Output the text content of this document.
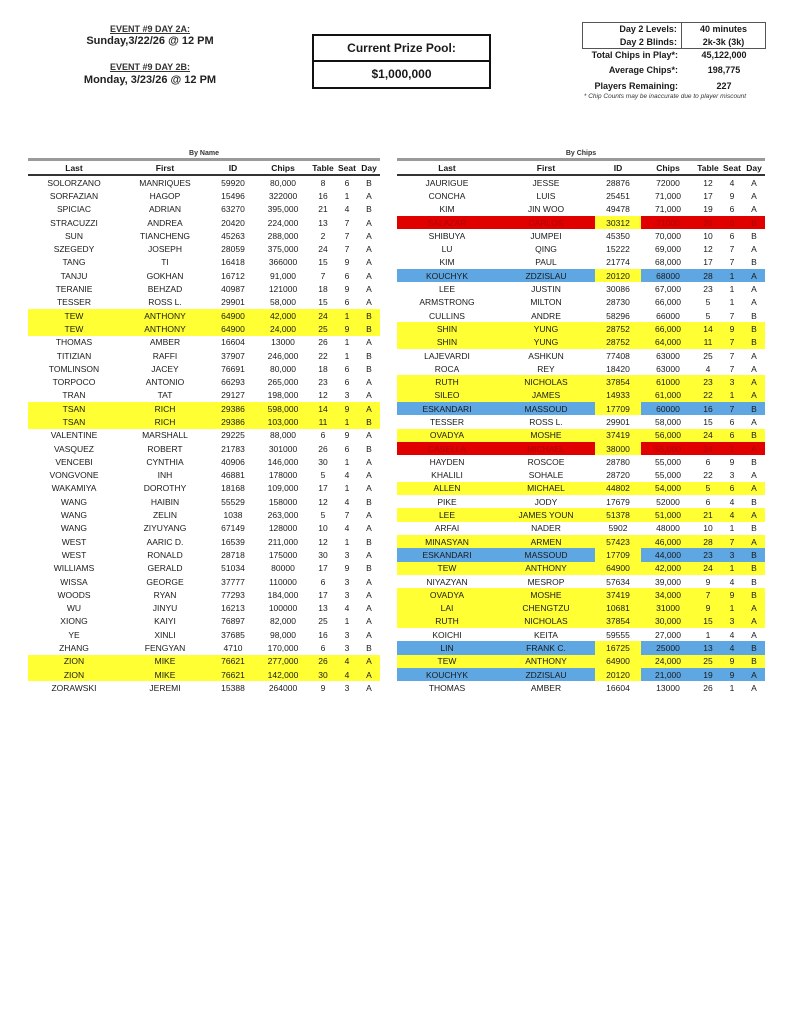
EVENT #9 DAY 2A:
Sunday,3/22/26 @ 12 PM
EVENT #9 DAY 2B:
Monday, 3/23/26 @ 12 PM
Current Prize Pool:
$1,000,000
Day 2 Levels:	40 minutes
Day 2 Blinds:	2k-3k (3k)
Total Chips in Play*:	45,122,000
Average Chips*:	198,775
Players Remaining:	227
* Chip Counts may be inaccurate due to player miscount
By Name
Last	First	ID	Chips	Table Seat Day
SOLORZANO	MANRIQUES	59920	80,000	8	6	B
SORFAZIAN	HAGOP	15496	322000	16	1	A
SPICIAC	ADRIAN	63270	395,000	21	4	B
STRACUZZI	ANDREA	20420	224,000	13	7	A
SUN	TIANCHENG	45263	288,000	2	7	A
SZEGEDY	JOSEPH	28059	375,000	24	7	A
TANG	TI	16418	366000	15	9	A
TANJU	GOKHAN	16712	91,000	7	6	A
TERANIE	BEHZAD	40987	121000	18	9	A
TESSER	ROSS L.	29901	58,000	15	6	A
TEW	ANTHONY	64900	42,000	24	1	B
TEW	ANTHONY	64900	24,000	25	9	B
THOMAS	AMBER	16604	13000	26	1	A
TITIZIAN	RAFFI	37907	246,000	22	1	B
TOMLINSON	JACEY	76691	80,000	18	6	B
TORPOCO	ANTONIO	66293	265,000	23	6	A
TRAN	TAT	29127	198,000	12	3	A
TSAN	RICH	29386	598,000	14	9	A
TSAN	RICH	29386	103,000	11	1	B
VALENTINE	MARSHALL	29225	88,000	6	9	A
VASQUEZ	ROBERT	21783	301000	26	6	B
VENCEBI	CYNTHIA	40906	146,000	30	1	A
VONGVONE	INH	46881	178000	5	4	A
WAKAMIYA	DOROTHY	18168	109,000	17	1	A
WANG	HAIBIN	55529	158000	12	4	B
WANG	ZELIN	1038	263,000	5	7	A
WANG	ZIYUYANG	67149	128000	10	4	A
WEST	AARIC D.	16539	211,000	12	1	B
WEST	RONALD	28718	175000	30	3	A
WILLIAMS	GERALD	51034	80000	17	9	B
WISSA	GEORGE	37777	110000	6	3	A
WOODS	RYAN	77293	184,000	17	3	A
WU	JINYU	16213	100000	13	4	A
XIONG	KAIYI	76897	82,000	25	1	A
YE	XINLI	37685	98,000	16	3	A
ZHANG	FENGYAN	4710	170,000	6	3	B
ZION	MIKE	76621	277,000	26	4	A
ZION	MIKE	76621	142,000	30	4	A
ZORAWSKI	JEREMI	15388	264000	9	3	A
By Chips
Last	First	ID	Chips	Table Seat Day
JAURIGUE	JESSE	28876	72000	12	4	A
CONCHA	LUIS	25451	71,000	17	9	A
KIM	JIN WOO	49478	71,000	19	6	A
SALAZAR	CARLOS	30312	71000	28	6	B
SHIBUYA	JUMPEI	45350	70,000	10	6	B
LU	QING	15222	69,000	12	7	A
KIM	PAUL	21774	68,000	17	7	B
KOUCHYK	ZDZISLAU	20120	68000	28	1	A
LEE	JUSTIN	30086	67,000	23	1	A
ARMSTRONG	MILTON	28730	66,000	5	1	A
CULLINS	ANDRE	58296	66000	5	7	B
SHIN	YUNG	28752	66,000	14	9	B
SHIN	YUNG	28752	64,000	11	7	B
LAJEVARDI	ASHKUN	77408	63000	25	7	A
ROCA	REY	18420	63000	4	7	A
RUTH	NICHOLAS	37854	61000	23	3	A
SILEO	JAMES	14933	61,000	22	1	A
ESKANDARI	MASSOUD	17709	60000	16	7	B
TESSER	ROSS L.	29901	58,000	15	6	A
OVADYA	MOSHE	37419	56,000	24	6	B
CASELLA	MICHAEL	38000	55,000	24	1	A
HAYDEN	ROSCOE	28780	55,000	6	9	B
KHALILI	SOHALE	28720	55,000	22	3	A
ALLEN	MICHAEL	44802	54,000	5	6	A
PIKE	JODY	17679	52000	6	4	B
LEE	JAMES YOUN	51378	51,000	21	4	A
ARFAI	NADER	5902	48000	10	1	B
MINASYAN	ARMEN	57423	46,000	28	7	A
ESKANDARI	MASSOUD	17709	44,000	23	3	B
TEW	ANTHONY	64900	42,000	24	1	B
NIYAZYAN	MESROP	57634	39,000	9	4	B
OVADYA	MOSHE	37419	34,000	7	9	B
LAI	CHENGTZU	10681	31000	9	1	A
RUTH	NICHOLAS	37854	30,000	15	3	A
KOICHI	KEITA	59555	27,000	1	4	A
LIN	FRANK C.	16725	25000	13	4	B
TEW	ANTHONY	64900	24,000	25	9	B
KOUCHYK	ZDZISLAU	20120	21,000	19	9	A
THOMAS	AMBER	16604	13000	26	1	A
